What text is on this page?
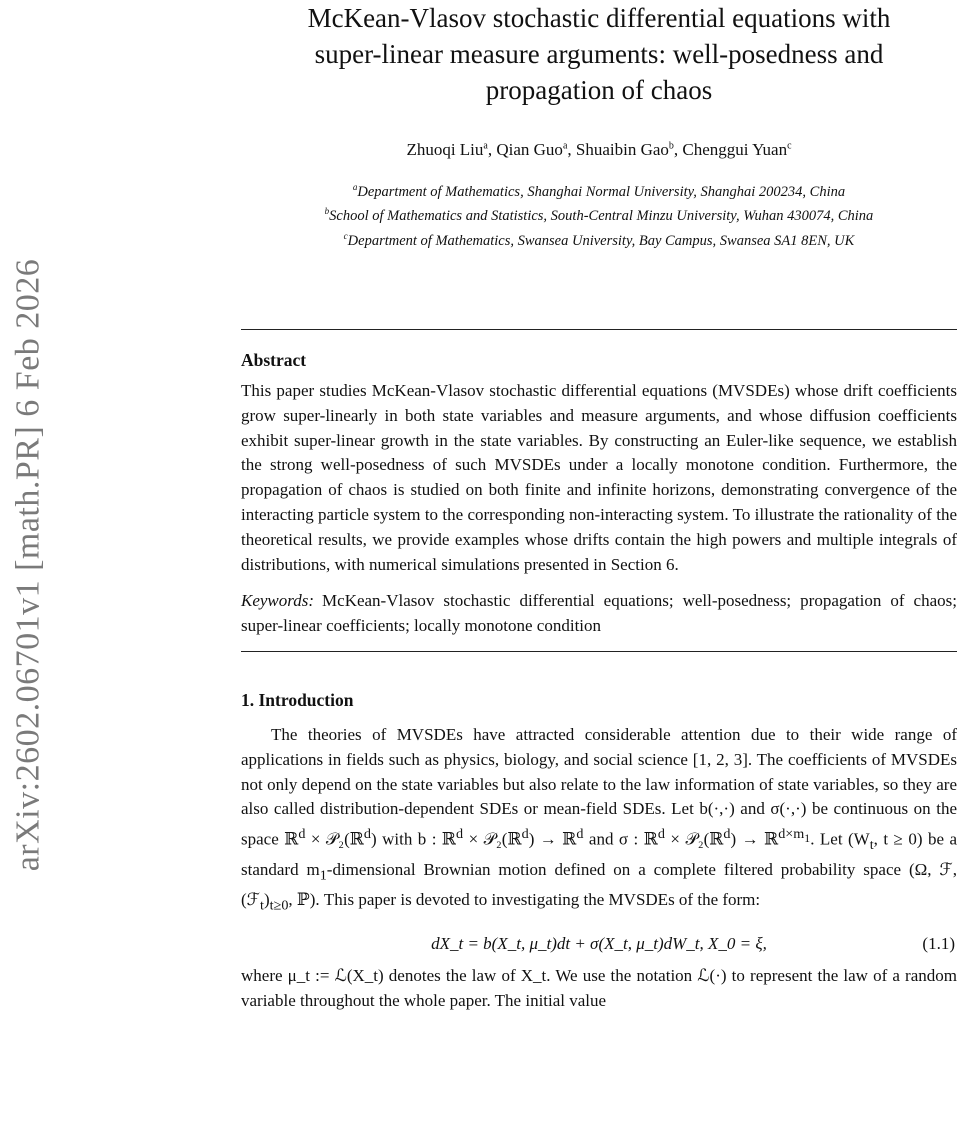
arXiv:2602.06701v1 [math.PR] 6 Feb 2026
McKean-Vlasov stochastic differential equations with
super-linear measure arguments: well-posedness and
propagation of chaos
Zhuoqi Liu$^a$, Qian Guo$^a$, Shuaibin Gao$^b$, Chenggui Yuan$^c$
$^a$Department of Mathematics, Shanghai Normal University, Shanghai 200234, China
$^b$School of Mathematics and Statistics, South-Central Minzu University, Wuhan 430074, China
$^c$Department of Mathematics, Swansea University, Bay Campus, Swansea SA1 8EN, UK
Abstract

This paper studies McKean-Vlasov stochastic differential equations (MVSDEs) whose drift coefficients grow super-linearly in both state variables and measure arguments, and whose diffusion coefficients exhibit super-linear growth in the state variables. By constructing an Euler-like sequence, we establish the strong well-posedness of such MVSDEs under a locally monotone condition. Furthermore, the propagation of chaos is studied on both finite and infinite horizons, demonstrating convergence of the interacting particle system to the corresponding non-interacting system. To illustrate the rationality of the theoretical results, we provide examples whose drifts contain the high powers and multiple integrals of distributions, with numerical simulations presented in Section 6.

Keywords: McKean-Vlasov stochastic differential equations; well-posedness; propagation of chaos; super-linear coefficients; locally monotone condition

1. Introduction

The theories of MVSDEs have attracted considerable attention due to their wide range of applications in fields such as physics, biology, and social science [1, 2, 3]. The coefficients of MVSDEs not only depend on the state variables but also relate to the law information of state variables, so they are also called distribution-dependent SDEs or mean-field SDEs. Let b(·,·) and σ(·,·) be continuous on the space ℝ$^d$ × 𝒫₂(ℝ$^d$) with b : ℝ$^d$ × 𝒫₂(ℝ$^d$) → ℝ$^d$ and σ : ℝ$^d$ × 𝒫₂(ℝ$^d$) → ℝ$^{d\times m_1}$. Let ($W_t$, t ≥ 0) be a standard $m_1$-dimensional Brownian motion defined on a complete filtered probability space (Ω, ℱ, $(ℱ_t)_{t\ge 0}$, ℙ). This paper is devoted to investigating the MVSDEs of the form:

dX_t = b(X_t, μ_t)dt + σ(X_t, μ_t)dW_t, X_0 = ξ,	(1.1)

where μ_t := ℒ(X_t) denotes the law of X_t. We use the notation ℒ(·) to represent the law of a random variable throughout the whole paper. The initial value
